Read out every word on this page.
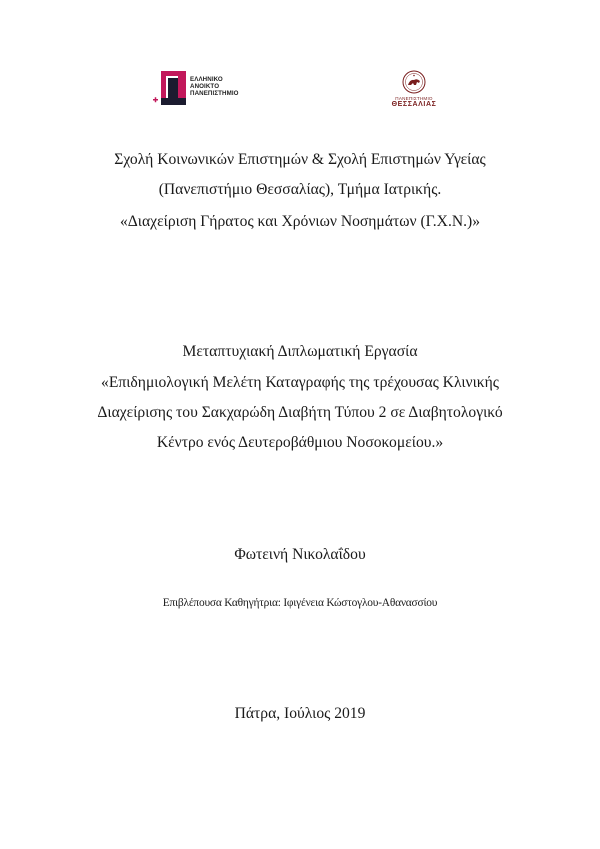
ΕΛΛΗΝΙΚΟ
ΑΝΟΙΚΤΟ
ΠΑΝΕΠΙΣΤΗΜΙΟ
ΠΑΝΕΠΙΣΤΗΜΙΟ
ΘΕΣΣΑΛΙΑΣ
Σχολή Κοινωνικών Επιστημών & Σχολή Επιστημών Υγείας
(Πανεπιστήμιο Θεσσαλίας), Τμήμα Ιατρικής.
«Διαχείριση Γήρατος και Χρόνιων Νοσημάτων (Γ.Χ.Ν.)»
Μεταπτυχιακή Διπλωματική Εργασία
«Επιδημιολογική Μελέτη Καταγραφής της τρέχουσας Κλινικής
Διαχείρισης του Σακχαρώδη Διαβήτη Τύπου 2 σε Διαβητολογικό
Κέντρο ενός Δευτεροβάθμιου Νοσοκομείου.»
Φωτεινή Νικολαΐδου
Επιβλέπουσα Καθηγήτρια: Ιφιγένεια Κώστογλου-Αθανασσίου
Πάτρα, Ιούλιος 2019
